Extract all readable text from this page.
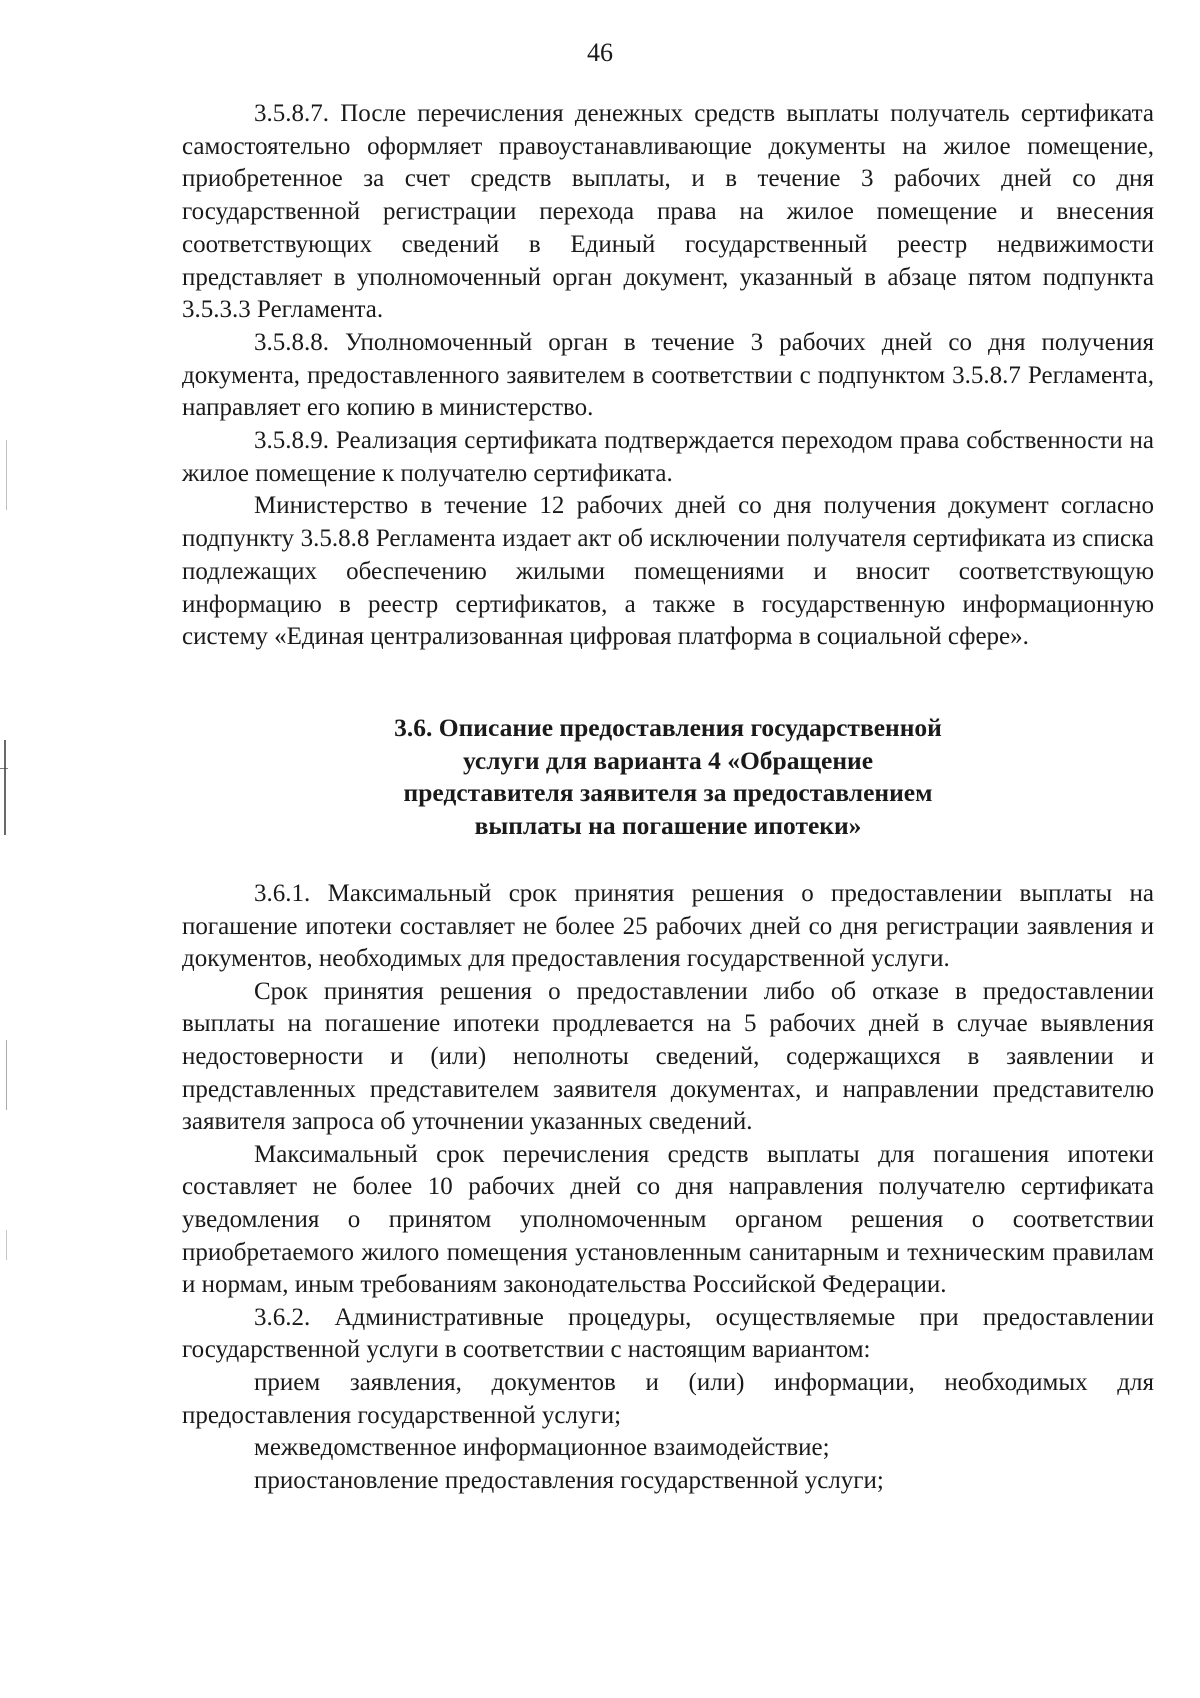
46

3.5.8.7. После перечисления денежных средств выплаты получатель сертификата самостоятельно оформляет правоустанавливающие документы на жилое помещение, приобретенное за счет средств выплаты, и в течение 3 рабочих дней со дня государственной регистрации перехода права на жилое помещение и внесения соответствующих сведений в Единый государственный реестр недвижимости представляет в уполномоченный орган документ, указанный в абзаце пятом подпункта 3.5.3.3 Регламента.

3.5.8.8. Уполномоченный орган в течение 3 рабочих дней со дня получения документа, предоставленного заявителем в соответствии с подпунктом 3.5.8.7 Регламента, направляет его копию в министерство.

3.5.8.9. Реализация сертификата подтверждается переходом права собственности на жилое помещение к получателю сертификата.

Министерство в течение 12 рабочих дней со дня получения документ согласно подпункту 3.5.8.8 Регламента издает акт об исключении получателя сертификата из списка подлежащих обеспечению жилыми помещениями и вносит соответствующую информацию в реестр сертификатов, а также в государственную информационную систему «Единая централизованная цифровая платформа в социальной сфере».

3.6. Описание предоставления государственной
услуги для варианта 4 «Обращение
представителя заявителя за предоставлением
выплаты на погашение ипотеки»

3.6.1. Максимальный срок принятия решения о предоставлении выплаты на погашение ипотеки составляет не более 25 рабочих дней со дня регистрации заявления и документов, необходимых для предоставления государственной услуги.

Срок принятия решения о предоставлении либо об отказе в предоставлении выплаты на погашение ипотеки продлевается на 5 рабочих дней в случае выявления недостоверности и (или) неполноты сведений, содержащихся в заявлении и представленных представителем заявителя документах, и направлении представителю заявителя запроса об уточнении указанных сведений.

Максимальный срок перечисления средств выплаты для погашения ипотеки составляет не более 10 рабочих дней со дня направления получателю сертификата уведомления о принятом уполномоченным органом решения о соответствии приобретаемого жилого помещения установленным санитарным и техническим правилам и нормам, иным требованиям законодательства Российской Федерации.

3.6.2. Административные процедуры, осуществляемые при предоставлении государственной услуги в соответствии с настоящим вариантом:

прием заявления, документов и (или) информации, необходимых для предоставления государственной услуги;

межведомственное информационное взаимодействие;

приостановление предоставления государственной услуги;
